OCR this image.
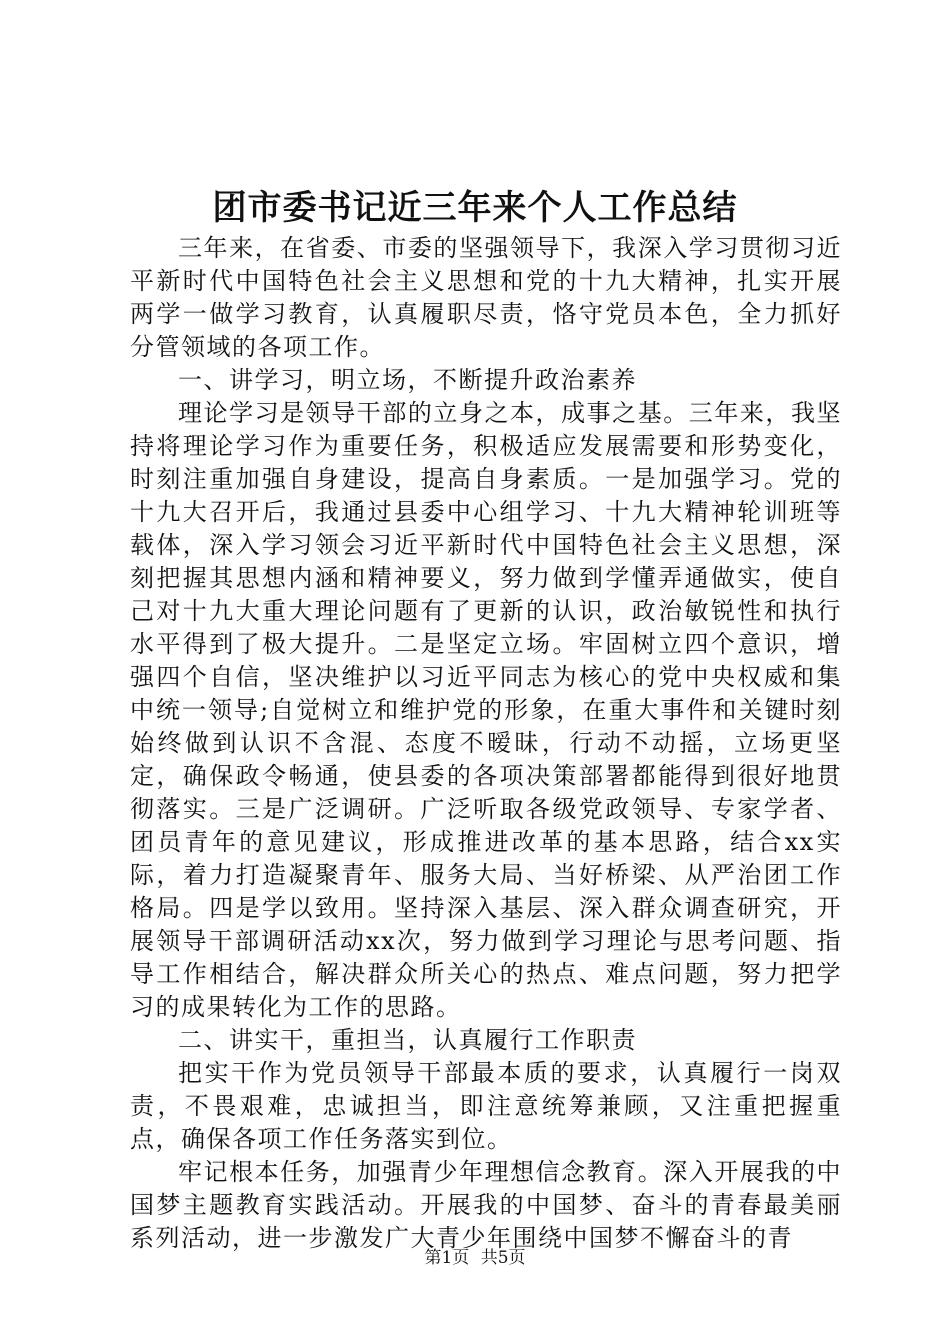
团市委书记近三年来个人工作总结

三年来，在省委、市委的坚强领导下，我深入学习贯彻习近平新时代中国特色社会主义思想和党的十九大精神，扎实开展两学一做学习教育，认真履职尽责，恪守党员本色，全力抓好分管领域的各项工作。

一、讲学习，明立场，不断提升政治素养

理论学习是领导干部的立身之本，成事之基。三年来，我坚持将理论学习作为重要任务，积极适应发展需要和形势变化，时刻注重加强自身建设，提高自身素质。一是加强学习。党的十九大召开后，我通过县委中心组学习、十九大精神轮训班等载体，深入学习领会习近平新时代中国特色社会主义思想，深刻把握其思想内涵和精神要义，努力做到学懂弄通做实，使自己对十九大重大理论问题有了更新的认识，政治敏锐性和执行水平得到了极大提升。二是坚定立场。牢固树立四个意识，增强四个自信，坚决维护以习近平同志为核心的党中央权威和集中统一领导;自觉树立和维护党的形象，在重大事件和关键时刻始终做到认识不含混、态度不暧昧，行动不动摇，立场更坚定，确保政令畅通，使县委的各项决策部署都能得到很好地贯彻落实。三是广泛调研。广泛听取各级党政领导、专家学者、团员青年的意见建议，形成推进改革的基本思路，结合xx实际，着力打造凝聚青年、服务大局、当好桥梁、从严治团工作格局。四是学以致用。坚持深入基层、深入群众调查研究，开展领导干部调研活动xx次，努力做到学习理论与思考问题、指导工作相结合，解决群众所关心的热点、难点问题，努力把学习的成果转化为工作的思路。

二、讲实干，重担当，认真履行工作职责

把实干作为党员领导干部最本质的要求，认真履行一岗双责，不畏艰难，忠诚担当，即注意统筹兼顾，又注重把握重点，确保各项工作任务落实到位。

牢记根本任务，加强青少年理想信念教育。深入开展我的中国梦主题教育实践活动。开展我的中国梦、奋斗的青春最美丽系列活动，进一步激发广大青少年围绕中国梦不懈奋斗的青

第1页 共5页
